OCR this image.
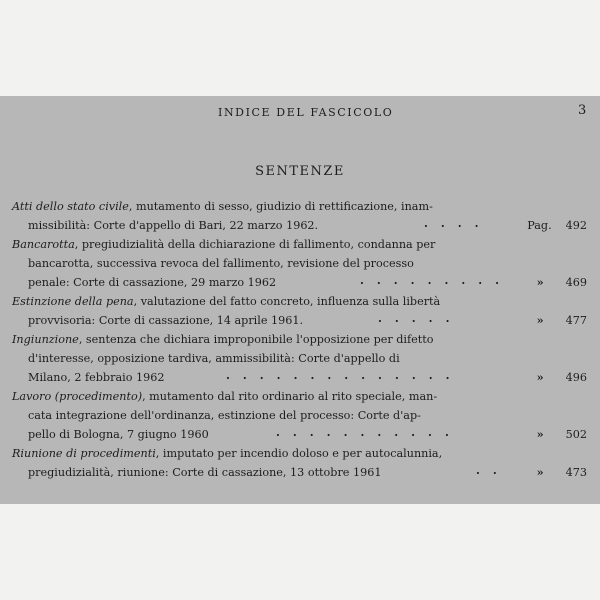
INDICE DEL FASCICOLO	3
SENTENZE
Atti dello stato civile, mutamento di sesso, giudizio di rettificazione, inam-
missibilità: Corte d'appello di Bari, 22 marzo 1962.	....	Pag. 492
Bancarotta, pregiudizialità della dichiarazione di fallimento, condanna per
bancarotta, successiva revoca del fallimento, revisione del processo
penale: Corte di cassazione, 29 marzo 1962	......... » 469
Estinzione della pena, valutazione del fatto concreto, influenza sulla libertà
provvisoria: Corte di cassazione, 14 aprile 1961.	.....	» 477
Ingiunzione, sentenza che dichiara improponibile l'opposizione per difetto
d'interesse, opposizione tardiva, ammissibilità: Corte d'appello di
Milano, 2 febbraio 1962	..............	» 496
Lavoro (procedimento), mutamento dal rito ordinario al rito speciale, man-
cata integrazione dell'ordinanza, estinzione del processo: Corte d'ap-
pello di Bologna, 7 giugno 1960	...........	» 502
Riunione di procedimenti, imputato per incendio doloso e per autocalunnia,
pregiudizialità, riunione: Corte di cassazione, 13 ottobre 1961	.. » 473
